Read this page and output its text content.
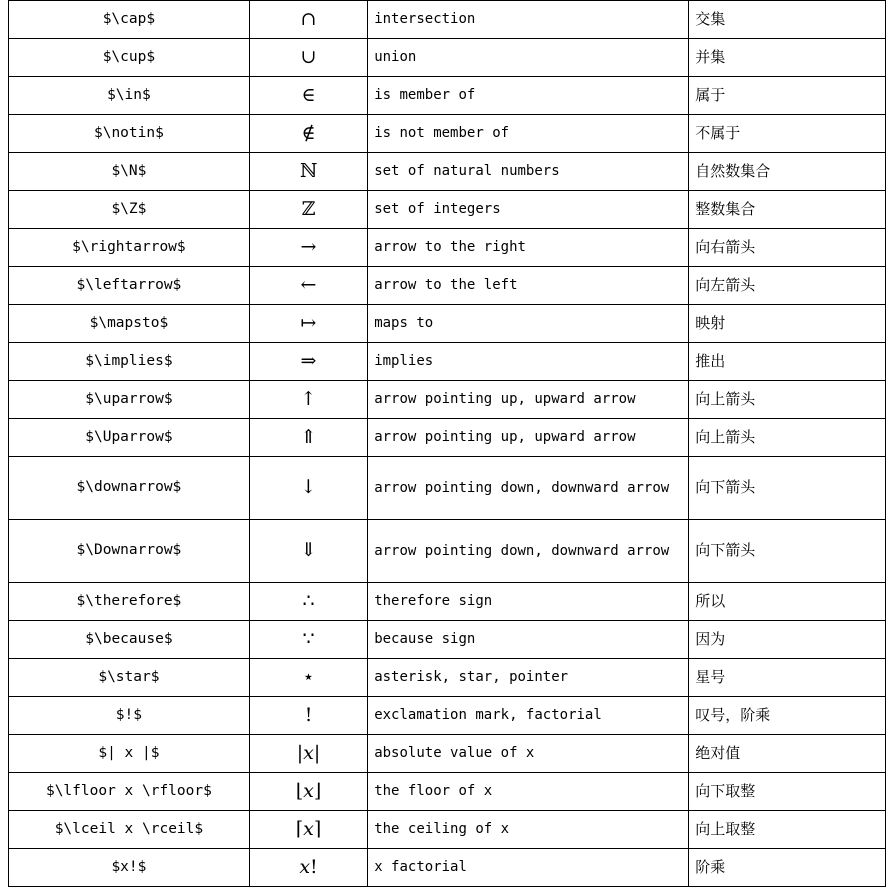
$\cap$	∩	intersection	交集
$\cup$	∪	union	并集
$\in$	∈	is member of	属于
$\notin$	∉	is not member of	不属于
$\N$	ℕ	set of natural numbers	自然数集合
$\Z$	ℤ	set of integers	整数集合
$\rightarrow$	→	arrow to the right	向右箭头
$\leftarrow$	←	arrow to the left	向左箭头
$\mapsto$	↦	maps to	映射
$\implies$	⇒	implies	推出
$\uparrow$	↑	arrow pointing up, upward arrow	向上箭头
$\Uparrow$	⇑	arrow pointing up, upward arrow	向上箭头
$\downarrow$	↓	arrow pointing down, downward arrow	向下箭头
$\Downarrow$	⇓	arrow pointing down, downward arrow	向下箭头
$\therefore$	∴	therefore sign	所以
$\because$	∵	because sign	因为
$\star$	⋆	asterisk, star, pointer	星号
$!$	!	exclamation mark, factorial	叹号，阶乘
$| x |$	|𝑥|	absolute value of x	绝对值
$\lfloor x \rfloor$	⌊𝑥⌋	the floor of x	向下取整
$\lceil x \rceil$	⌈𝑥⌉	the ceiling of x	向上取整
$x!$	𝑥!	x factorial	阶乘
